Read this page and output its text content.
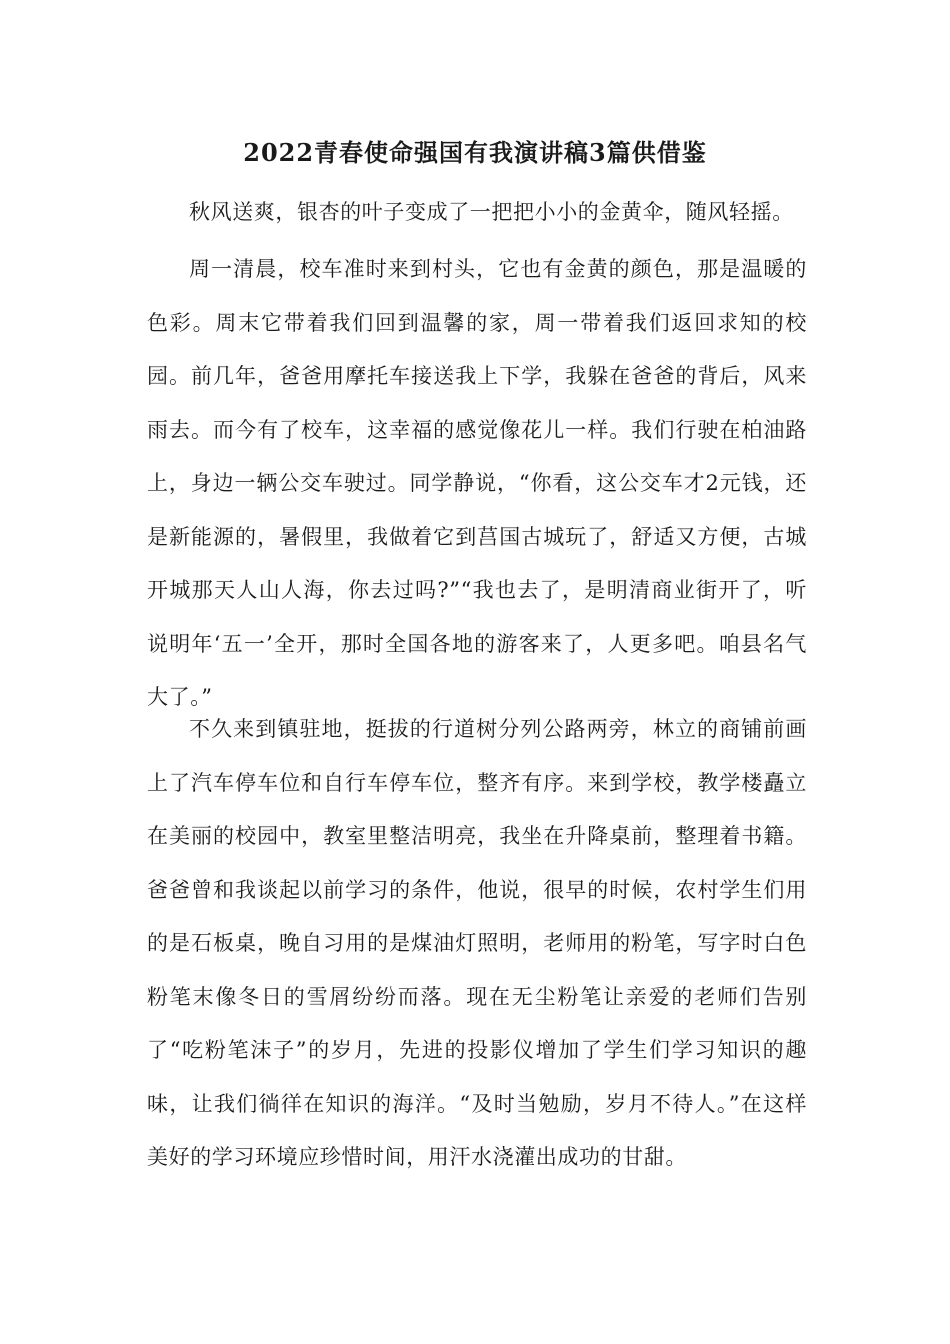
2022青春使命强国有我演讲稿3篇供借鉴

秋风送爽，银杏的叶子变成了一把把小小的金黄伞，随风轻摇。

周一清晨，校车准时来到村头，它也有金黄的颜色，那是温暖的色彩。周末它带着我们回到温馨的家，周一带着我们返回求知的校园。前几年，爸爸用摩托车接送我上下学，我躲在爸爸的背后，风来雨去。而今有了校车，这幸福的感觉像花儿一样。我们行驶在柏油路上，身边一辆公交车驶过。同学静说，“你看，这公交车才2元钱，还是新能源的，暑假里，我做着它到莒国古城玩了，舒适又方便，古城开城那天人山人海，你去过吗?”“我也去了，是明清商业街开了，听说明年‘五一’全开，那时全国各地的游客来了，人更多吧。咱县名气大了。”

不久来到镇驻地，挺拔的行道树分列公路两旁，林立的商铺前画上了汽车停车位和自行车停车位，整齐有序。来到学校，教学楼矗立在美丽的校园中，教室里整洁明亮，我坐在升降桌前，整理着书籍。爸爸曾和我谈起以前学习的条件，他说，很早的时候，农村学生们用的是石板桌，晚自习用的是煤油灯照明，老师用的粉笔，写字时白色粉笔末像冬日的雪屑纷纷而落。现在无尘粉笔让亲爱的老师们告别了“吃粉笔沫子”的岁月，先进的投影仪增加了学生们学习知识的趣味，让我们徜徉在知识的海洋。“及时当勉励，岁月不待人。”在这样美好的学习环境应珍惜时间，用汗水浇灌出成功的甘甜。
